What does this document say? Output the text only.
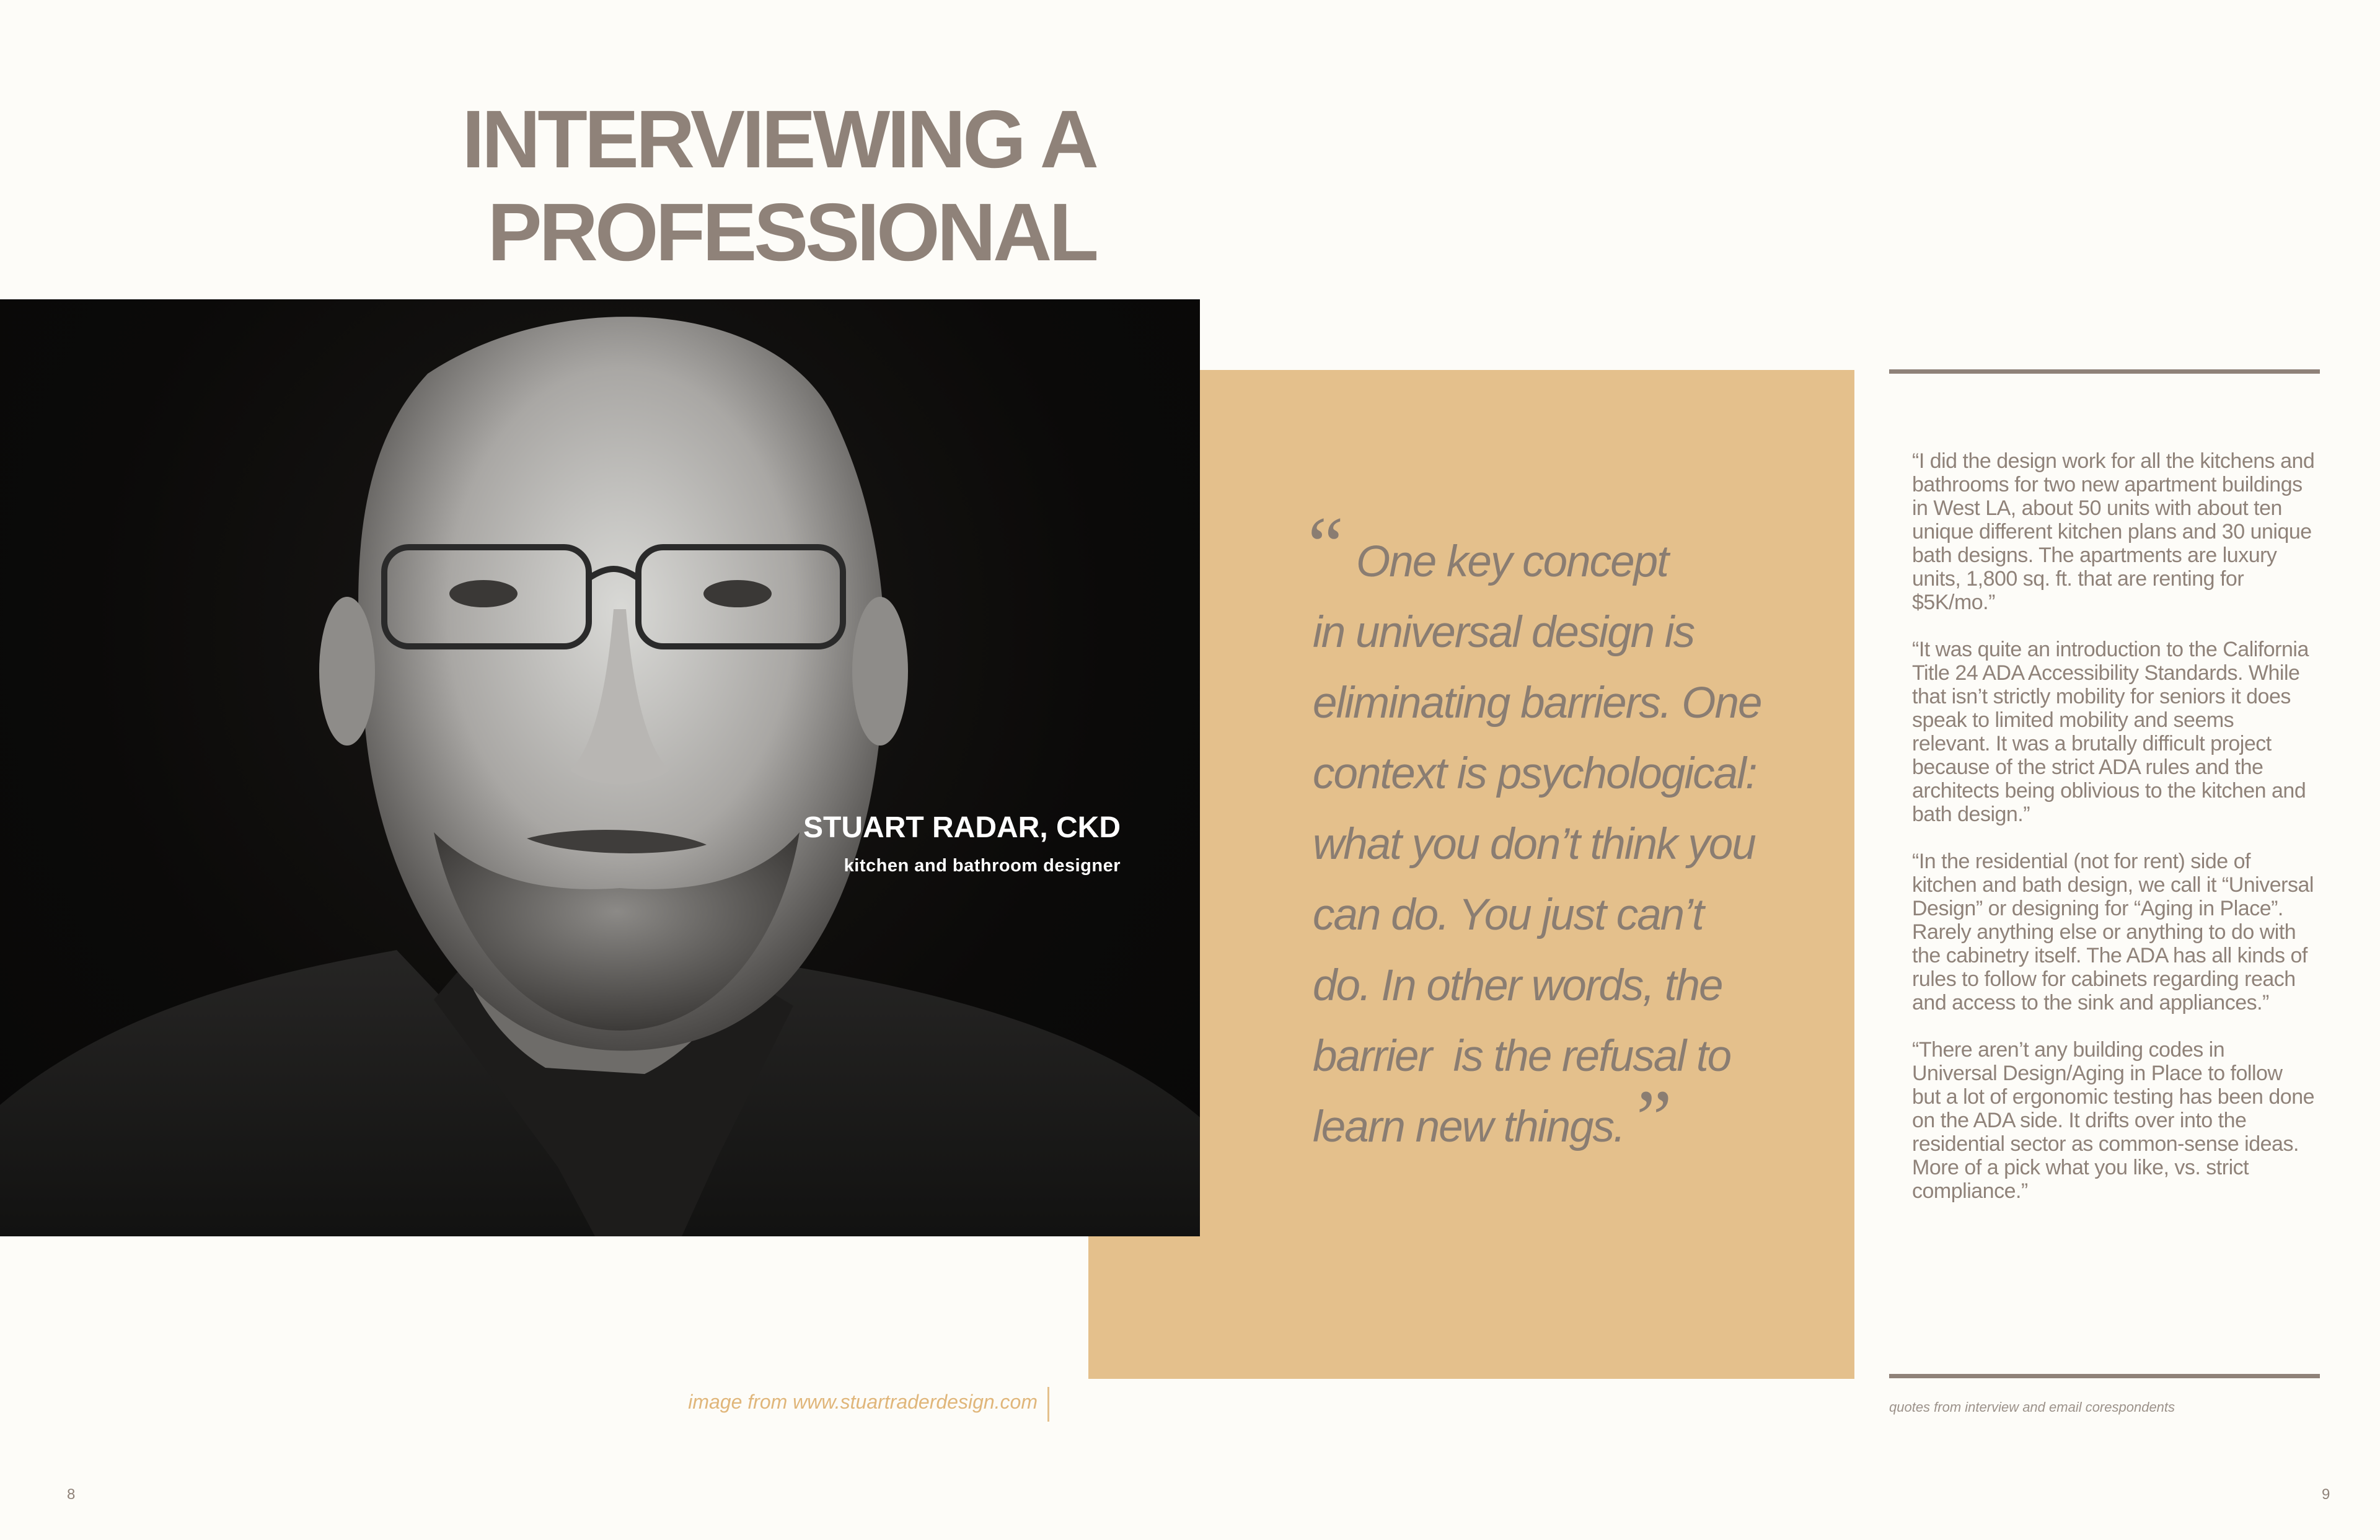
INTERVIEWING A
PROFESSIONAL
STUART RADAR, CKD
kitchen and bathroom designer
“ One key concept
in universal design is
eliminating barriers. One
context is psychological:
what you don’t think you
can do. You just can’t
do. In other words, the
barrier  is the refusal to
learn new things. ”

“I did the design work for all the kitchens and bathrooms for two new apartment buildings in West LA, about 50 units with about ten unique different kitchen plans and 30 unique bath designs. The apartments are luxury units, 1,800 sq. ft. that are renting for $5K/mo.”

“It was quite an introduction to the California Title 24 ADA Accessibility Standards. While that isn’t strictly mobility for seniors it does speak to limited mobility and seems relevant. It was a brutally difficult project because of the strict ADA rules and the architects being oblivious to the kitchen and bath design.”

“In the residential (not for rent) side of kitchen and bath design, we call it “Universal Design” or designing for “Aging in Place”. Rarely anything else or anything to do with the cabinetry itself. The ADA has all kinds of rules to follow for cabinets regarding reach and access to the sink and appliances.”

“There aren’t any building codes in Universal Design/Aging in Place to follow but a lot of ergonomic testing has been done on the ADA side. It drifts over into the residential sector as common-sense ideas. More of a pick what you like, vs. strict compliance.”

image from www.stuartraderdesign.com	quotes from interview and email corespondents
8	9
